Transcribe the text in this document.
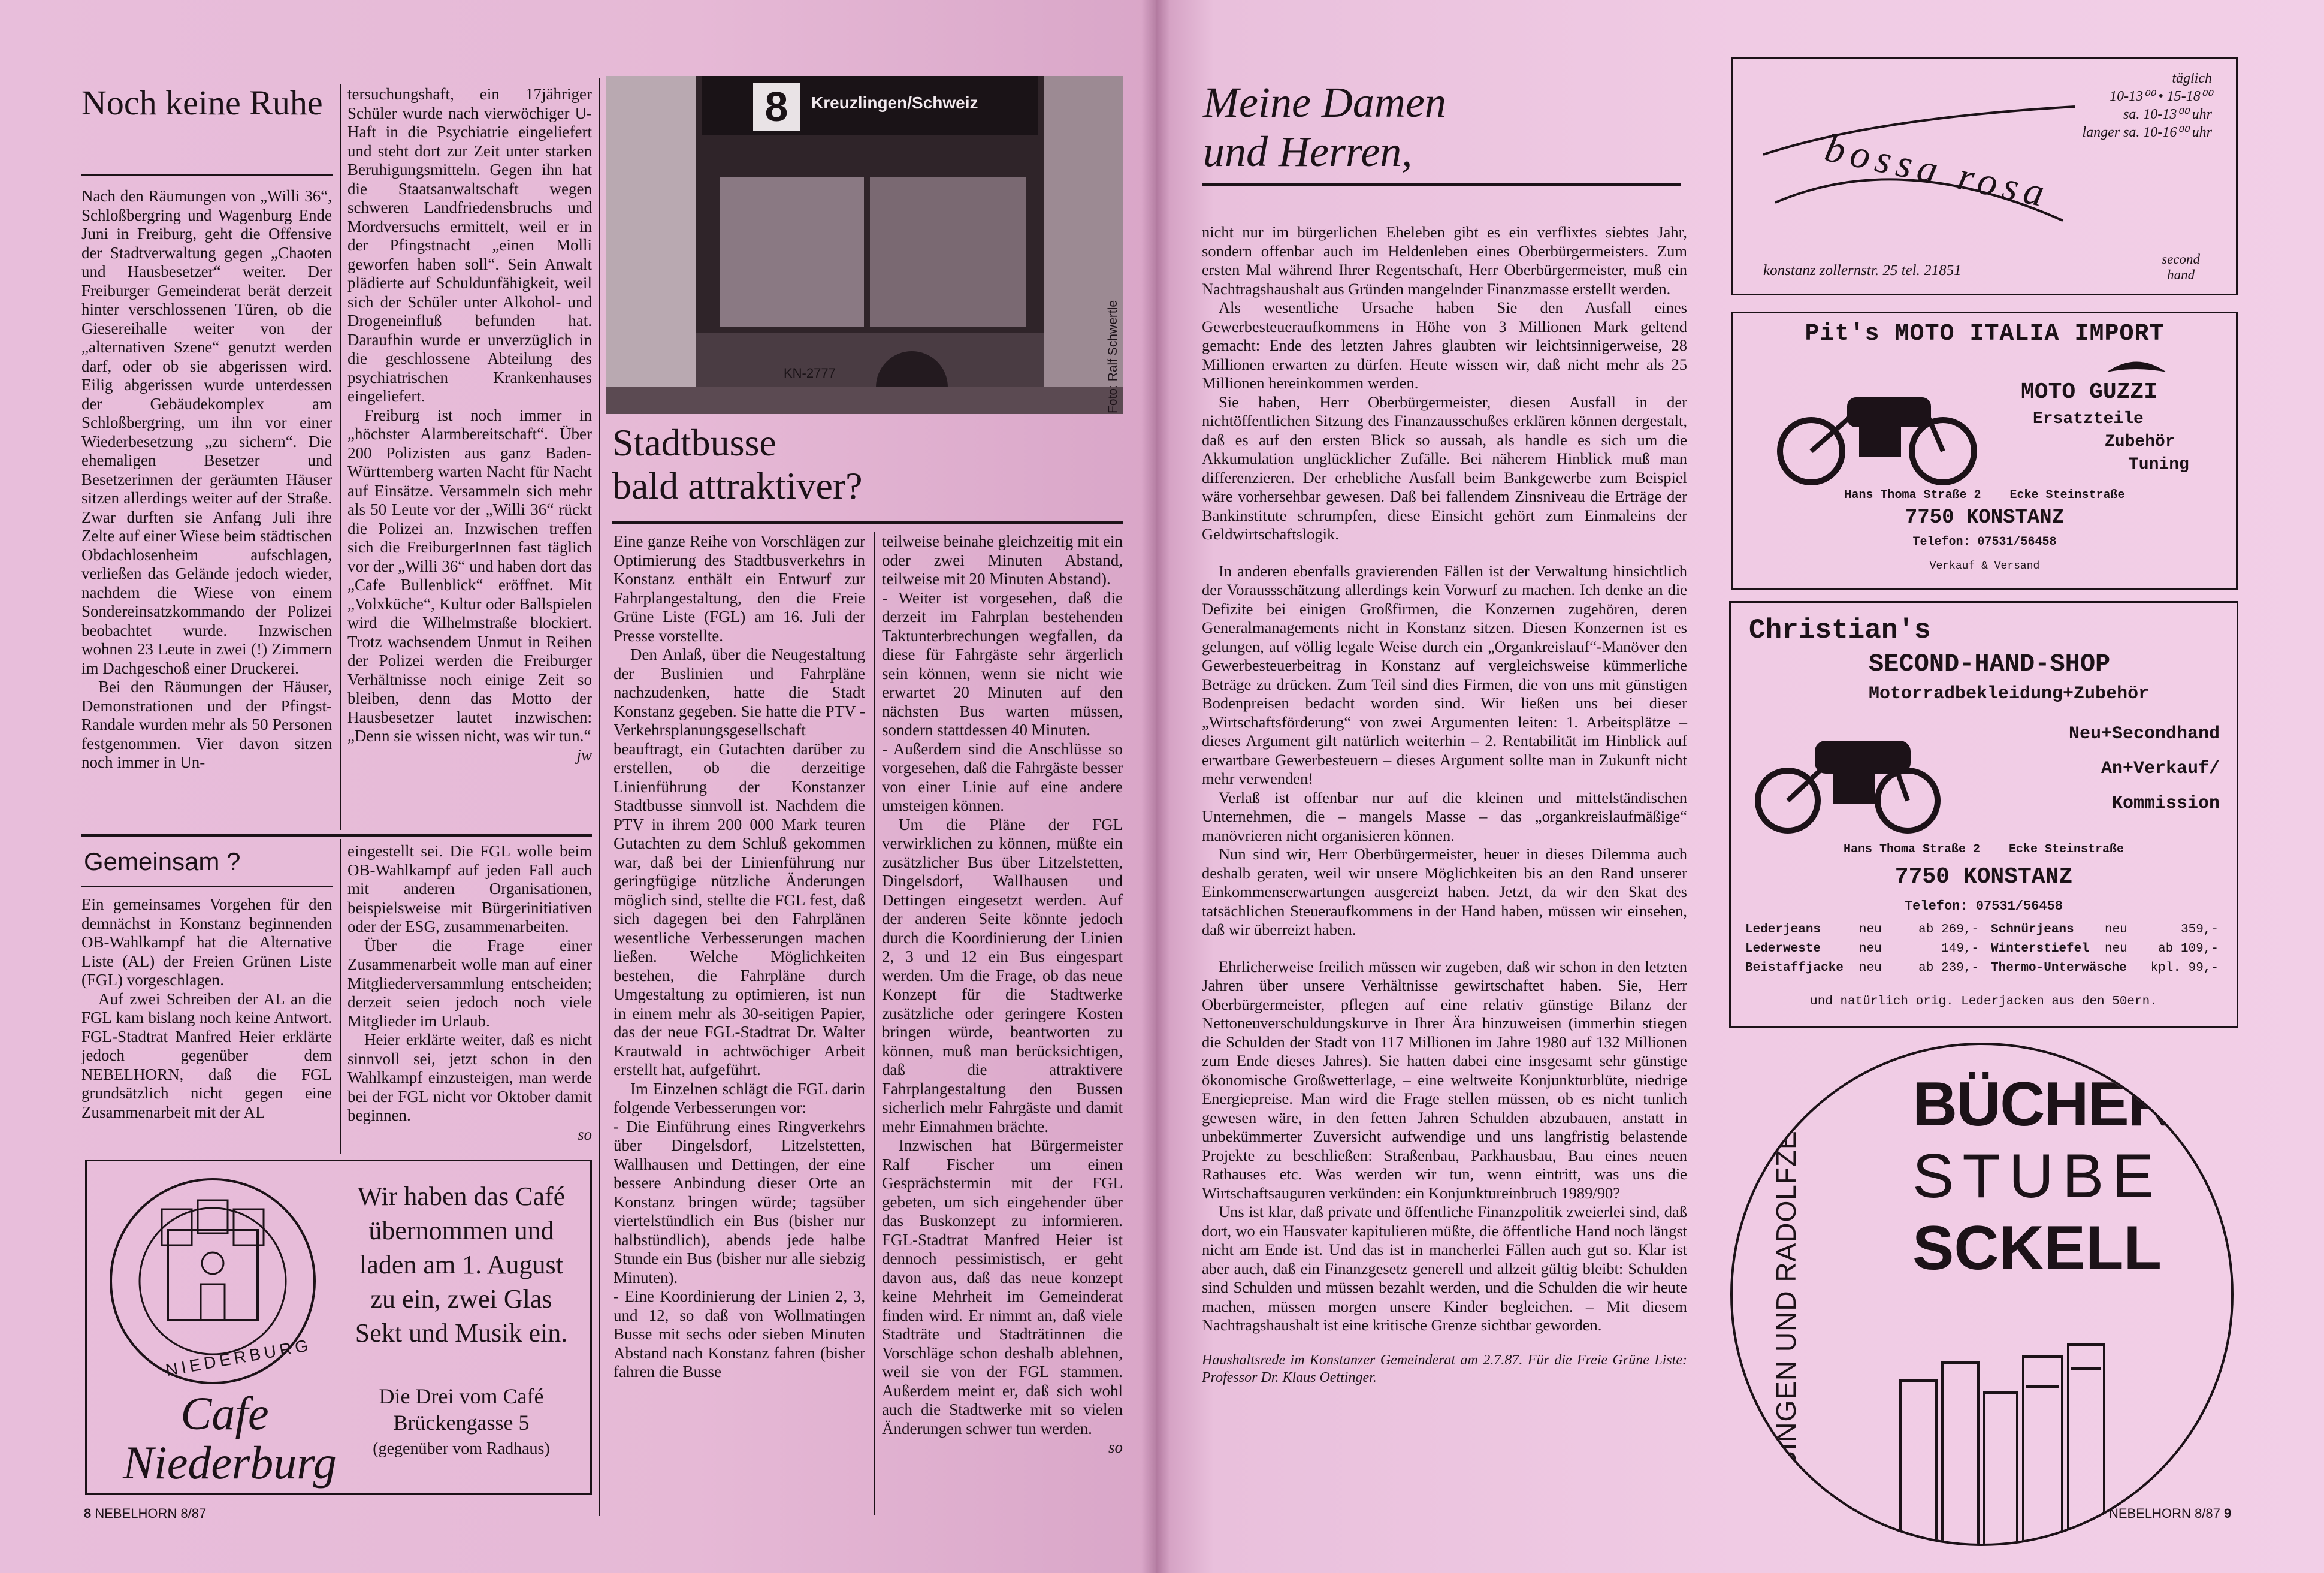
Noch keine Ruhe

Nach den Räumungen von „Willi 36“, Schloßbergring und Wagenburg Ende Juni in Freiburg, geht die Offensive der Stadtverwaltung gegen „Chaoten und Hausbesetzer“ weiter. Der Freiburger Gemeinderat berät derzeit hinter verschlossenen Türen, ob die Giesereihalle weiter von der „alternativen Szene“ genutzt werden darf, oder ob sie abgerissen wird. Eilig abgerissen wurde unterdessen der Gebäudekomplex am Schloßbergring, um ihn vor einer Wiederbesetzung „zu sichern“. Die ehemaligen Besetzer und Besetzerinnen der geräumten Häuser sitzen allerdings weiter auf der Straße. Zwar durften sie Anfang Juli ihre Zelte auf einer Wiese beim städtischen Obdachlosenheim aufschlagen, verließen das Gelände jedoch wieder, nachdem die Wiese von einem Sondereinsatzkommando der Polizei beobachtet wurde. Inzwischen wohnen 23 Leute in zwei (!) Zimmern im Dachgeschoß einer Druckerei.

Bei den Räumungen der Häuser, Demonstrationen und der Pfingst-Randale wurden mehr als 50 Personen festgenommen. Vier davon sitzen noch immer in Un-

tersuchungshaft, ein 17jähriger Schüler wurde nach vierwöchiger U-Haft in die Psychiatrie eingeliefert und steht dort zur Zeit unter starken Beruhigungsmitteln. Gegen ihn hat die Staatsanwaltschaft wegen schweren Landfriedensbruchs und Mordversuchs ermittelt, weil er in der Pfingstnacht „einen Molli geworfen haben soll“. Sein Anwalt plädierte auf Schuldunfähigkeit, weil sich der Schüler unter Alkohol- und Drogeneinfluß befunden hat. Daraufhin wurde er unverzüglich in die geschlossene Abteilung des psychiatrischen Krankenhauses eingeliefert.

Freiburg ist noch immer in „höchster Alarmbereitschaft“. Über 200 Polizisten aus ganz Baden-Württemberg warten Nacht für Nacht auf Einsätze. Versammeln sich mehr als 50 Leute vor der „Willi 36“ rückt die Polizei an. Inzwischen treffen sich die FreiburgerInnen fast täglich vor der „Willi 36“ und haben dort das „Cafe Bullenblick“ eröffnet. Mit „Volxküche“, Kultur oder Ballspielen wird die Wilhelmstraße blockiert. Trotz wachsendem Unmut in Reihen der Polizei werden die Freiburger Verhältnisse noch einige Zeit so bleiben, denn das Motto der Hausbesetzer lautet inzwischen: „Denn sie wissen nicht, was wir tun.“

jw
8	Kreuzlingen/Schweiz
KN-2777	Foto: Ralf Schwertle
Stadtbusse
bald attraktiver?

Eine ganze Reihe von Vorschlägen zur Optimierung des Stadtbusverkehrs in Konstanz enthält ein Entwurf zur Fahrplangestaltung, den die Freie Grüne Liste (FGL) am 16. Juli der Presse vorstellte.

Den Anlaß, über die Neugestaltung der Buslinien und Fahrpläne nachzudenken, hatte die Stadt Konstanz gegeben. Sie hatte die PTV - Verkehrsplanungsgesellschaft beauftragt, ein Gutachten darüber zu erstellen, ob die derzeitige Linienführung der Konstanzer Stadtbusse sinnvoll ist. Nachdem die PTV in ihrem 200 000 Mark teuren Gutachten zu dem Schluß gekommen war, daß bei der Linienführung nur geringfügige nützliche Änderungen möglich sind, stellte die FGL fest, daß sich dagegen bei den Fahrplänen wesentliche Verbesserungen machen ließen. Welche Möglichkeiten bestehen, die Fahrpläne durch Umgestaltung zu optimieren, ist nun in einem mehr als 30-seitigen Papier, das der neue FGL-Stadtrat Dr. Walter Krautwald in achtwöchiger Arbeit erstellt hat, aufgeführt.

Im Einzelnen schlägt die FGL darin folgende Verbesserungen vor:

- Die Einführung eines Ringverkehrs über Dingelsdorf, Litzelstetten, Wallhausen und Dettingen, der eine bessere Anbindung dieser Orte an Konstanz bringen würde; tagsüber viertelstündlich ein Bus (bisher nur halbstündlich), abends jede halbe Stunde ein Bus (bisher nur alle siebzig Minuten).

- Eine Koordinierung der Linien 2, 3, und 12, so daß von Wollmatingen Busse mit sechs oder sieben Minuten Abstand nach Konstanz fahren (bisher fahren die Busse

teilweise beinahe gleichzeitig mit ein oder zwei Minuten Abstand, teilweise mit 20 Minuten Abstand).

- Weiter ist vorgesehen, daß die derzeit im Fahrplan bestehenden Taktunterbrechungen wegfallen, da diese für Fahrgäste sehr ärgerlich sein können, wenn sie nicht wie erwartet 20 Minuten auf den nächsten Bus warten müssen, sondern stattdessen 40 Minuten.

- Außerdem sind die Anschlüsse so vorgesehen, daß die Fahrgäste besser von einer Linie auf eine andere umsteigen können.

Um die Pläne der FGL verwirklichen zu können, müßte ein zusätzlicher Bus über Litzelstetten, Dingelsdorf, Wallhausen und Dettingen eingesetzt werden. Auf der anderen Seite könnte jedoch durch die Koordinierung der Linien 2, 3 und 12 ein Bus eingespart werden. Um die Frage, ob das neue Konzept für die Stadtwerke zusätzliche oder geringere Kosten bringen würde, beantworten zu können, muß man berücksichtigen, daß die attraktivere Fahrplangestaltung den Bussen sicherlich mehr Fahrgäste und damit mehr Einnahmen brächte.

Inzwischen hat Bürgermeister Ralf Fischer um einen Gesprächstermin mit der FGL gebeten, um sich eingehender über das Buskonzept zu informieren. FGL-Stadtrat Manfred Heier ist dennoch pessimistisch, er geht davon aus, daß das neue konzept keine Mehrheit im Gemeinderat finden wird. Er nimmt an, daß viele Stadträte und Stadträtinnen die Vorschläge schon deshalb ablehnen, weil sie von der FGL stammen. Außerdem meint er, daß sich wohl auch die Stadtwerke mit so vielen Änderungen schwer tun werden.

so
Gemeinsam ?

Ein gemeinsames Vorgehen für den demnächst in Konstanz beginnenden OB-Wahlkampf hat die Alternative Liste (AL) der Freien Grünen Liste (FGL) vorgeschlagen.

Auf zwei Schreiben der AL an die FGL kam bislang noch keine Antwort. FGL-Stadtrat Manfred Heier erklärte jedoch gegenüber dem NEBELHORN, daß die FGL grundsätzlich nicht gegen eine Zusammenarbeit mit der AL

eingestellt sei. Die FGL wolle beim OB-Wahlkampf auf jeden Fall auch mit anderen Organisationen, beispielsweise mit Bürgerinitiativen oder der ESG, zusammenarbeiten.

Über die Frage einer Zusammenarbeit wolle man auf einer Mitgliederversammlung entscheiden; derzeit seien jedoch noch viele Mitglieder im Urlaub.

Heier erklärte weiter, daß es nicht sinnvoll sei, jetzt schon in den Wahlkampf einzusteigen, man werde bei der FGL nicht vor Oktober damit beginnen.

so
NIEDERBURG
Cafe
Niederburg
Wir haben das Café
übernommen und
laden am 1. August
zu ein, zwei Glas
Sekt und Musik ein.
Die Drei vom Café
Brückengasse 5
(gegenüber vom Radhaus)
8 NEBELHORN 8/87
Meine Damen
und Herren,

nicht nur im bürgerlichen Eheleben gibt es ein verflixtes siebtes Jahr, sondern offenbar auch im Heldenleben eines Oberbürgermeisters. Zum ersten Mal während Ihrer Regentschaft, Herr Oberbürgermeister, muß ein Nachtragshaushalt aus Gründen mangelnder Finanzmasse erstellt werden.

Als wesentliche Ursache haben Sie den Ausfall eines Gewerbesteueraufkommens in Höhe von 3 Millionen Mark geltend gemacht: Ende des letzten Jahres glaubten wir leichtsinnigerweise, 28 Millionen erwarten zu dürfen. Heute wissen wir, daß nicht mehr als 25 Millionen hereinkommen werden.

Sie haben, Herr Oberbürgermeister, diesen Ausfall in der nichtöffentlichen Sitzung des Finanzausschußes erklären können dergestalt, daß es auf den ersten Blick so aussah, als handle es sich um die Akkumulation unglücklicher Zufälle. Bei näherem Hinblick muß man differenzieren. Der erhebliche Ausfall beim Bankgewerbe zum Beispiel wäre vorhersehbar gewesen. Daß bei fallendem Zinsniveau die Erträge der Bankinstitute schrumpfen, diese Einsicht gehört zum Einmaleins der Geldwirtschaftslogik.

In anderen ebenfalls gravierenden Fällen ist der Verwaltung hinsichtlich der Voraussschätzung allerdings kein Vorwurf zu machen. Ich denke an die Defizite bei einigen Großfirmen, die Konzernen zugehören, deren Generalmanagements nicht in Konstanz sitzen. Diesen Konzernen ist es gelungen, auf völlig legale Weise durch ein „Organkreislauf“-Manöver den Gewerbesteuerbeitrag in Konstanz auf vergleichsweise kümmerliche Beträge zu drücken. Zum Teil sind dies Firmen, die von uns mit günstigen Bodenpreisen bedacht worden sind. Wir ließen uns bei dieser „Wirtschaftsförderung“ von zwei Argumenten leiten: 1. Arbeitsplätze – dieses Argument gilt natürlich weiterhin – 2. Rentabilität im Hinblick auf erwartbare Gewerbesteuern – dieses Argument sollte man in Zukunft nicht mehr verwenden!

Verlaß ist offenbar nur auf die kleinen und mittelständischen Unternehmen, die – mangels Masse – das „organkreislaufmäßige“ manövrieren nicht organisieren können.

Nun sind wir, Herr Oberbürgermeister, heuer in dieses Dilemma auch deshalb geraten, weil wir unsere Möglichkeiten bis an den Rand unserer Einkommenserwartungen ausgereizt haben. Jetzt, da wir den Skat des tatsächlichen Steueraufkommens in der Hand haben, müssen wir einsehen, daß wir überreizt haben.

Ehrlicherweise freilich müssen wir zugeben, daß wir schon in den letzten Jahren über unsere Verhältnisse gewirtschaftet haben. Sie, Herr Oberbürgermeister, pflegen auf eine relativ günstige Bilanz der Nettoneuverschuldungskurve in Ihrer Ära hinzuweisen (immerhin stiegen die Schulden der Stadt von 117 Millionen im Jahre 1980 auf 132 Millionen zum Ende dieses Jahres). Sie hatten dabei eine insgesamt sehr günstige ökonomische Großwetterlage, – eine weltweite Konjunkturblüte, niedrige Energiepreise. Man wird die Frage stellen müssen, ob es nicht tunlich gewesen wäre, in den fetten Jahren Schulden abzubauen, anstatt in unbekümmerter Zuversicht aufwendige und uns langfristig belastende Projekte zu beschließen: Straßenbau, Parkhausbau, Bau eines neuen Rathauses etc. Was werden wir tun, wenn eintritt, was uns die Wirtschaftsauguren verkünden: ein Konjunktureinbruch 1989/90?

Uns ist klar, daß private und öffentliche Finanzpolitik zweierlei sind, daß dort, wo ein Hausvater kapitulieren müßte, die öffentliche Hand noch längst nicht am Ende ist. Und das ist in mancherlei Fällen auch gut so. Klar ist aber auch, daß ein Finanzgesetz generell und allzeit gültig bleibt: Schulden sind Schulden und müssen bezahlt werden, und die Schulden die wir heute machen, müssen morgen unsere Kinder begleichen. – Mit diesem Nachtragshaushalt ist eine kritische Grenze sichtbar geworden.

Haushaltsrede im Konstanzer Gemeinderat am 2.7.87. Für die Freie Grüne Liste: Professor Dr. Klaus Oettinger.

bossa rosa
täglich
10-13⁰⁰ • 15-18⁰⁰
sa. 10-13⁰⁰ uhr
langer sa. 10-16⁰⁰ uhr
konstanz zollernstr. 25 tel. 21851
second
hand
Pit's MOTO ITALIA IMPORT
MOTO GUZZI
Ersatzteile
Zubehör
Tuning
Hans Thoma Straße 2 Ecke Steinstraße
7750 KONSTANZ
Telefon: 07531/56458
Verkauf & Versand
Christian's
SECOND-HAND-SHOP
Motorradbekleidung+Zubehör
Neu+Secondhand
An+Verkauf/
Kommission
Hans Thoma Straße 2 Ecke Steinstraße
7750 KONSTANZ
Telefon: 07531/56458
Lederjeans	neu	ab 269,- Schnürjeans	neu	359,-
Lederweste	neu	149,- Winterstiefel	neu	ab 109,-
Beistaffjacke	neu	ab 239,- Thermo-Unterwäsche	kpl. 99,-
und natürlich orig. Lederjacken aus den 50ern.
IN SINGEN UND RADOLFZELL BÜCHER
STUBE
SCKELL
NEBELHORN 8/87 9
